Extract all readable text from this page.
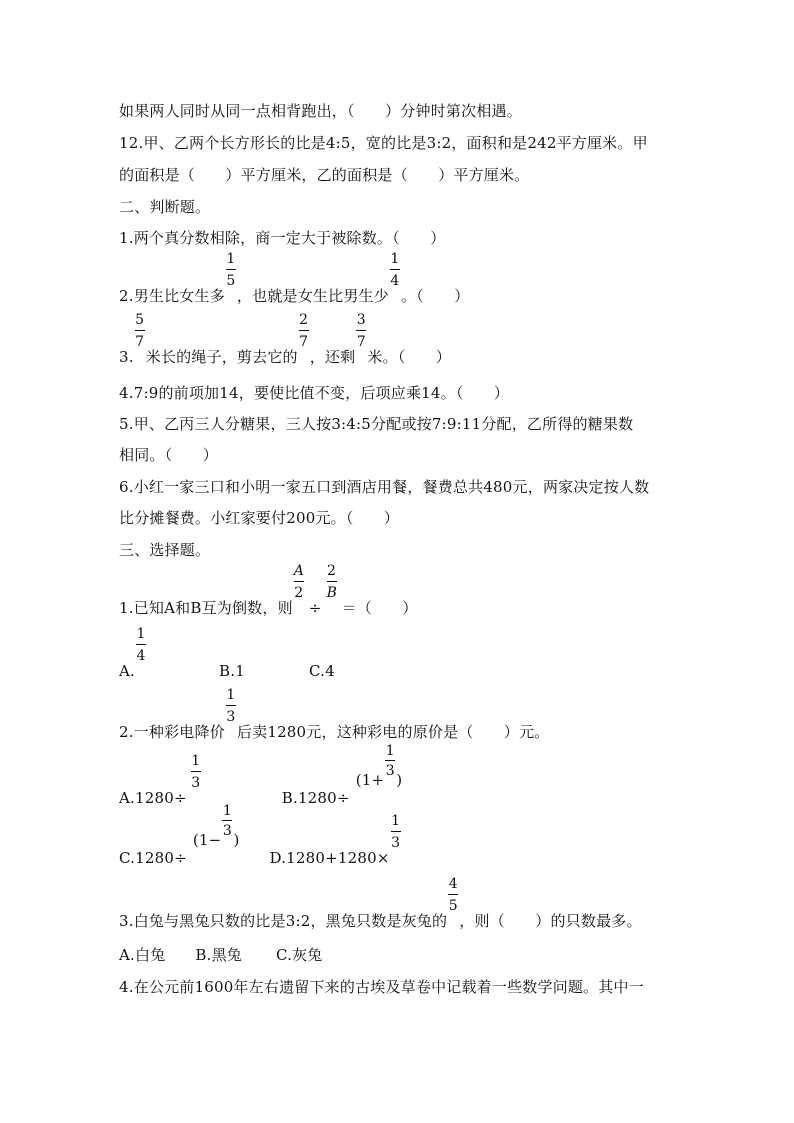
如果两人同时从同一点相背跑出，（　　）分钟时第次相遇。
12.甲、乙两个长方形长的比是4:5，宽的比是3:2，面积和是242平方厘米。甲
的面积是（　　）平方厘米，乙的面积是（　　）平方厘米。
二、判断题。
1.两个真分数相除，商一定大于被除数。（　　）
2.男生比女生多 $\frac{1}{5}$ ，也就是女生比男生少 $\frac{1}{4}$ 。（　　）
3. $\frac{5}{7}$ 米长的绳子，剪去它的 $\frac{2}{7}$ ，还剩 $\frac{3}{7}$ 米。（　　）
4.7:9的前项加14，要使比值不变，后项应乘14。（　　）
5.甲、乙丙三人分糖果，三人按3:4:5分配或按7:9:11分配，乙所得的糖果数
相同。（　　）
6.小红一家三口和小明一家五口到酒店用餐，餐费总共480元，两家决定按人数
比分摊餐费。小红家要付200元。（　　）
三、选择题。
1.已知A和B互为倒数，则 $\frac{A}{2} \div \frac{2}{B}$ ＝（　　）
A. $\frac{1}{4}$	B.1	C.4
2.一种彩电降价 $\frac{1}{3}$ 后卖1280元，这种彩电的原价是（　　）元。
$A.1280\div \frac{1}{3}$	$B.1280\div(1+ \frac{1}{3}$ )
$C.1280\div(1- \frac{1}{3} )D.1280+1280\times \frac{1}{3}$
3.白兔与黑兔只数的比是3:2，黑兔只数是灰兔的 $\frac{4}{5}$ ，则（　　）的只数最多。
A.白兔 B.黑兔 C.灰兔
4.在公元前1600年左右遗留下来的古埃及草卷中记载着一些数学问题。其中一
